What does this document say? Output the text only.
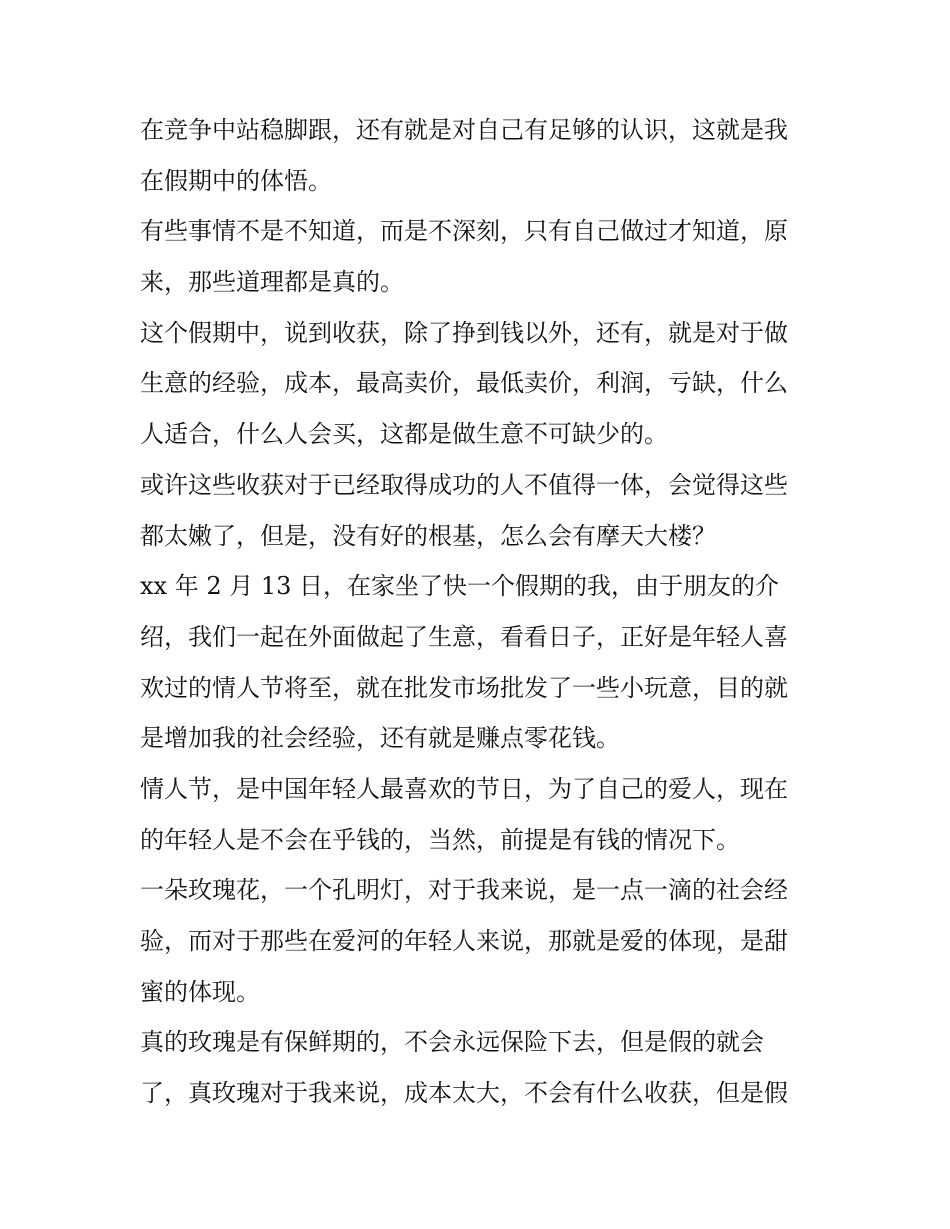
在竞争中站稳脚跟，还有就是对自己有足够的认识，这就是我
在假期中的体悟。
有些事情不是不知道，而是不深刻，只有自己做过才知道，原
来，那些道理都是真的。
这个假期中，说到收获，除了挣到钱以外，还有，就是对于做
生意的经验，成本，最高卖价，最低卖价，利润，亏缺，什么
人适合，什么人会买，这都是做生意不可缺少的。
或许这些收获对于已经取得成功的人不值得一体，会觉得这些
都太嫩了，但是，没有好的根基，怎么会有摩天大楼？
xx 年 2 月 13 日，在家坐了快一个假期的我，由于朋友的介
绍，我们一起在外面做起了生意，看看日子，正好是年轻人喜
欢过的情人节将至，就在批发市场批发了一些小玩意，目的就
是增加我的社会经验，还有就是赚点零花钱。
情人节，是中国年轻人最喜欢的节日，为了自己的爱人，现在
的年轻人是不会在乎钱的，当然，前提是有钱的情况下。
一朵玫瑰花，一个孔明灯，对于我来说，是一点一滴的社会经
验，而对于那些在爱河的年轻人来说，那就是爱的体现，是甜
蜜的体现。
真的玫瑰是有保鲜期的，不会永远保险下去，但是假的就会
了，真玫瑰对于我来说，成本太大，不会有什么收获，但是假
